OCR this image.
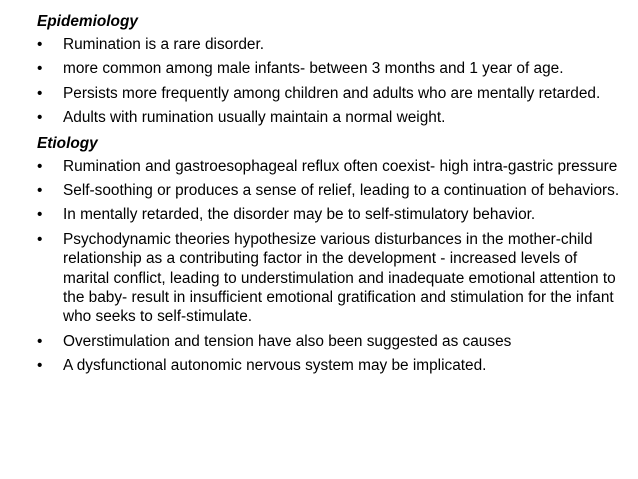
Epidemiology
•	Rumination is a rare disorder.
•	more common among male infants- between 3 months and 1 year of age.
•	Persists more frequently among children and adults who are mentally retarded.
•	Adults with rumination usually maintain a normal weight.
Etiology
•	Rumination and gastroesophageal reflux often coexist- high intra-gastric pressure
•	Self-soothing or produces a sense of relief, leading to a continuation of behaviors.
•	In mentally retarded, the disorder may be to self-stimulatory behavior.
•	Psychodynamic theories hypothesize various disturbances in the mother-child relationship as a contributing factor in the development - increased levels of marital conflict, leading to understimulation and inadequate emotional attention to the baby- result in insufficient emotional gratification and stimulation for the infant who seeks to self-stimulate.
•	Overstimulation and tension have also been suggested as causes
•	A dysfunctional autonomic nervous system may be implicated.
